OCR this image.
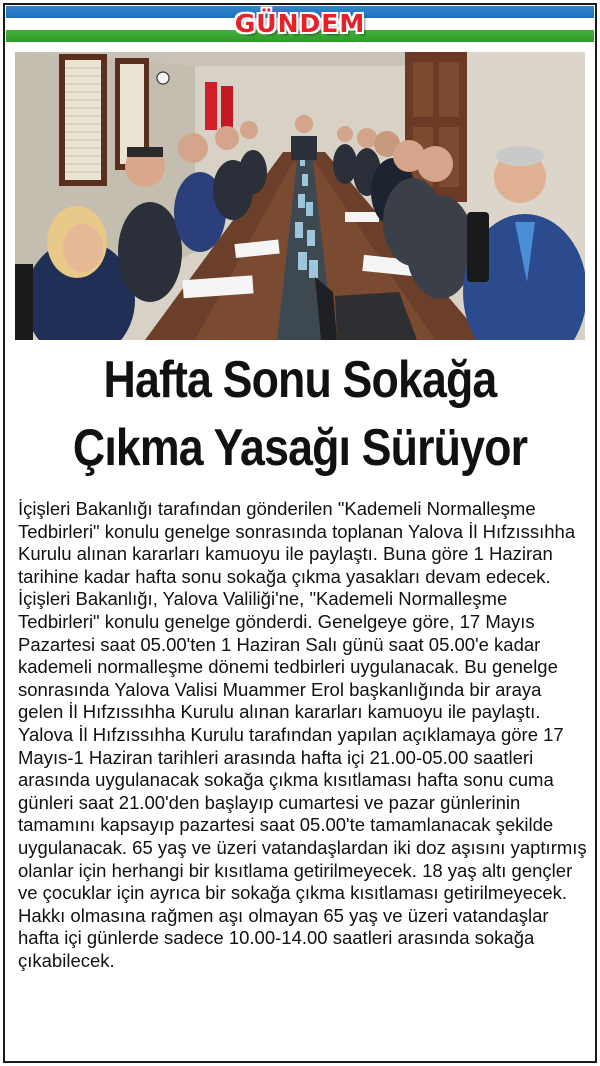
GÜNDEM
Hafta Sonu Sokağa
Çıkma Yasağı Sürüyor

İçişleri Bakanlığı tarafından gönderilen "Kademeli Normalleşme Tedbirleri" konulu genelge sonrasında toplanan Yalova İl Hıfzıssıhha Kurulu alınan kararları kamuoyu ile paylaştı. Buna göre 1 Haziran tarihine kadar hafta sonu sokağa çıkma yasakları devam edecek.

İçişleri Bakanlığı, Yalova Valiliği'ne, "Kademeli Normalleşme Tedbirleri" konulu genelge gönderdi. Genelgeye göre, 17 Mayıs Pazartesi saat 05.00'ten 1 Haziran Salı günü saat 05.00'e kadar kademeli normalleşme dönemi tedbirleri uygulanacak. Bu genelge sonrasında Yalova Valisi Muammer Erol başkanlığında bir araya gelen İl Hıfzıssıhha Kurulu alınan kararları kamuoyu ile paylaştı.

Yalova İl Hıfzıssıhha Kurulu tarafından yapılan açıklamaya göre 17 Mayıs-1 Haziran tarihleri arasında hafta içi 21.00-05.00 saatleri arasında uygulanacak sokağa çıkma kısıtlaması hafta sonu cuma günleri saat 21.00'den başlayıp cumartesi ve pazar günlerinin tamamını kapsayıp pazartesi saat 05.00'te tamamlanacak şekilde uygulanacak. 65 yaş ve üzeri vatandaşlardan iki doz aşısını yaptırmış olanlar için herhangi bir kısıtlama getirilmeyecek. 18 yaş altı gençler ve çocuklar için ayrıca bir sokağa çıkma kısıtlaması getirilmeyecek. Hakkı olmasına rağmen aşı olmayan 65 yaş ve üzeri vatandaşlar hafta içi günlerde sadece 10.00-14.00 saatleri arasında sokağa çıkabilecek.
